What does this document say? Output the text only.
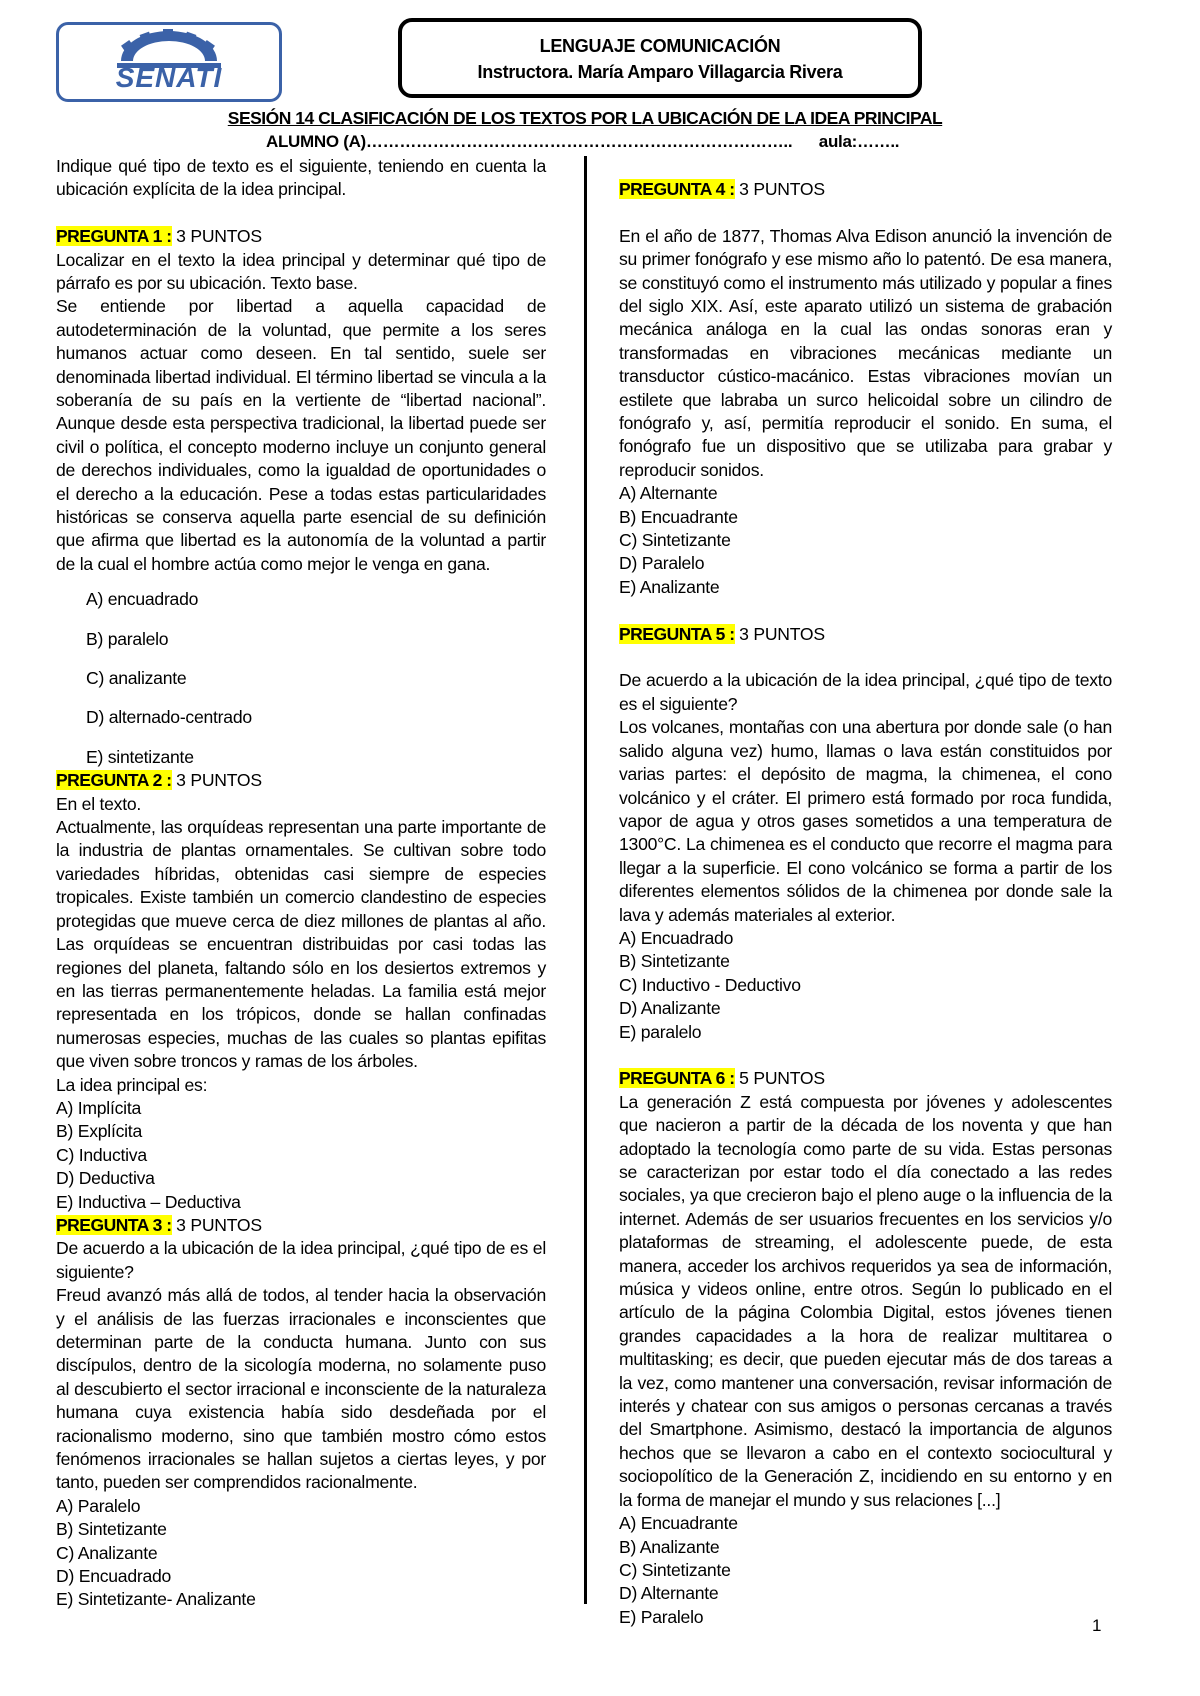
SENATI
LENGUAJE COMUNICACIÓN
Instructora. María Amparo Villagarcia Rivera
SESIÓN 14 CLASIFICACIÓN DE LOS TEXTOS POR LA UBICACIÓN DE LA IDEA PRINCIPAL
ALUMNO (A)…………………………………………………………………..      aula:……..

Indique qué tipo de texto es el siguiente, teniendo en cuenta la ubicación explícita de la idea principal.

PREGUNTA 1 : 3 PUNTOS

Localizar en el texto la idea principal y determinar qué tipo de párrafo es por su ubicación. Texto base.

Se entiende por libertad a aquella capacidad de autodeterminación de la voluntad, que permite a los seres humanos actuar como deseen. En tal sentido, suele ser denominada libertad individual. El término libertad se vincula a la soberanía de su país en la vertiente de “libertad nacional”. Aunque desde esta perspectiva tradicional, la libertad puede ser civil o política, el concepto moderno incluye un conjunto general de derechos individuales, como la igualdad de oportunidades o el derecho a la educación. Pese a todas estas particularidades históricas se conserva aquella parte esencial de su definición que afirma que libertad es la autonomía de la voluntad a partir de la cual el hombre actúa como mejor le venga en gana.

A) encuadrado
B) paralelo
C) analizante
D) alternado-centrado
E) sintetizante
PREGUNTA 2 : 3 PUNTOS

En el texto.

Actualmente, las orquídeas representan una parte importante de la industria de plantas ornamentales. Se cultivan sobre todo variedades híbridas, obtenidas casi siempre de especies tropicales. Existe también un comercio clandestino de especies protegidas que mueve cerca de diez millones de plantas al año. Las orquídeas se encuentran distribuidas por casi todas las regiones del planeta, faltando sólo en los desiertos extremos y en las tierras permanentemente heladas. La familia está mejor representada en los trópicos, donde se hallan confinadas numerosas especies, muchas de las cuales so plantas epifitas que viven sobre troncos y ramas de los árboles.

La idea principal es:

A) Implícita
B) Explícita
C) Inductiva
D) Deductiva
E) Inductiva – Deductiva
PREGUNTA 3 : 3 PUNTOS

De acuerdo a la ubicación de la idea principal, ¿qué tipo de es el siguiente?

Freud avanzó más allá de todos, al tender hacia la observación y el análisis de las fuerzas irracionales e inconscientes que determinan parte de la conducta humana. Junto con sus discípulos, dentro de la sicología moderna, no solamente puso al descubierto el sector irracional e inconsciente de la naturaleza humana cuya existencia había sido desdeñada por el racionalismo moderno, sino que también mostro cómo estos fenómenos irracionales se hallan sujetos a ciertas leyes, y por tanto, pueden ser comprendidos racionalmente.

A) Paralelo
B) Sintetizante
C) Analizante
D) Encuadrado
E) Sintetizante- Analizante
PREGUNTA 4 : 3 PUNTOS

En el año de 1877, Thomas Alva Edison anunció la invención de su primer fonógrafo y ese mismo año lo patentó. De esa manera, se constituyó como el instrumento más utilizado y popular a fines del siglo XIX. Así, este aparato utilizó un sistema de grabación mecánica análoga en la cual las ondas sonoras eran y transformadas en vibraciones mecánicas mediante un transductor cústico-macánico. Estas vibraciones movían un estilete que labraba un surco helicoidal sobre un cilindro de fonógrafo y, así, permitía reproducir el sonido. En suma, el fonógrafo fue un dispositivo que se utilizaba para grabar y reproducir sonidos.

A) Alternante
B) Encuadrante
C) Sintetizante
D) Paralelo
E) Analizante
PREGUNTA 5 : 3 PUNTOS

De acuerdo a la ubicación de la idea principal, ¿qué tipo de texto es el siguiente?

Los volcanes, montañas con una abertura por donde sale (o han salido alguna vez) humo, llamas o lava están constituidos por varias partes: el depósito de magma, la chimenea, el cono volcánico y el cráter. El primero está formado por roca fundida, vapor de agua y otros gases sometidos a una temperatura de 1300°C. La chimenea es el conducto que recorre el magma para llegar a la superficie. El cono volcánico se forma a partir de los diferentes elementos sólidos de la chimenea por donde sale la lava y además materiales al exterior.

A) Encuadrado
B) Sintetizante
C) Inductivo - Deductivo
D) Analizante
E) paralelo
PREGUNTA 6 : 5 PUNTOS

La generación Z está compuesta por jóvenes y adolescentes que nacieron a partir de la década de los noventa y que han adoptado la tecnología como parte de su vida. Estas personas se caracterizan por estar todo el día conectado a las redes sociales, ya que crecieron bajo el pleno auge o la influencia de la internet. Además de ser usuarios frecuentes en los servicios y/o plataformas de streaming, el adolescente puede, de esta manera, acceder los archivos requeridos ya sea de información, música y videos online, entre otros. Según lo publicado en el artículo de la página Colombia Digital, estos jóvenes tienen grandes capacidades a la hora de realizar multitarea o multitasking; es decir, que pueden ejecutar más de dos tareas a la vez, como mantener una conversación, revisar información de interés y chatear con sus amigos o personas cercanas a través del Smartphone. Asimismo, destacó la importancia de algunos hechos que se llevaron a cabo en el contexto sociocultural y sociopolítico de la Generación Z, incidiendo en su entorno y en la forma de manejar el mundo y sus relaciones [...]

A) Encuadrante
B) Analizante
C) Sintetizante
D) Alternante
E) Paralelo	1
